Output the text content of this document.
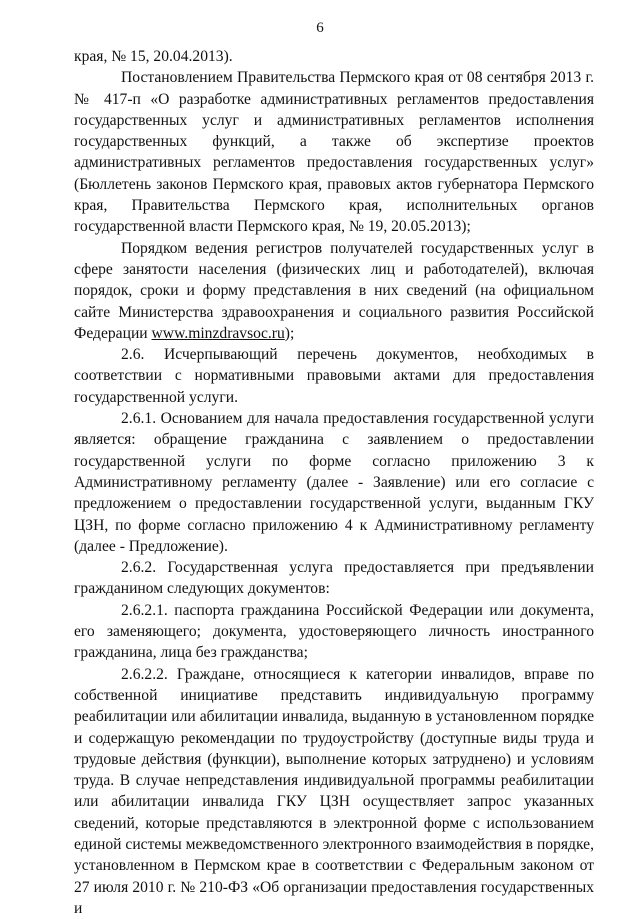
6

края, № 15, 20.04.2013).

Постановлением Правительства Пермского края от 08 сентября 2013 г. № 417-п «О разработке административных регламентов предоставления государственных услуг и административных регламентов исполнения государственных функций, а также об экспертизе проектов административных регламентов предоставления государственных услуг» (Бюллетень законов Пермского края, правовых актов губернатора Пермского края, Правительства Пермского края, исполнительных органов государственной власти Пермского края, № 19, 20.05.2013);

Порядком ведения регистров получателей государственных услуг в сфере занятости населения (физических лиц и работодателей), включая порядок, сроки и форму представления в них сведений (на официальном сайте Министерства здравоохранения и социального развития Российской Федерации www.minzdravsoc.ru);

2.6. Исчерпывающий перечень документов, необходимых в соответствии с нормативными правовыми актами для предоставления государственной услуги.

2.6.1. Основанием для начала предоставления государственной услуги является: обращение гражданина с заявлением о предоставлении государственной услуги по форме согласно приложению 3 к Административному регламенту (далее - Заявление) или его согласие с предложением о предоставлении государственной услуги, выданным ГКУ ЦЗН, по форме согласно приложению 4 к Административному регламенту (далее - Предложение).

2.6.2. Государственная услуга предоставляется при предъявлении гражданином следующих документов:

2.6.2.1. паспорта гражданина Российской Федерации или документа, его заменяющего; документа, удостоверяющего личность иностранного гражданина, лица без гражданства;

2.6.2.2. Граждане, относящиеся к категории инвалидов, вправе по собственной инициативе представить индивидуальную программу реабилитации или абилитации инвалида, выданную в установленном порядке и содержащую рекомендации по трудоустройству (доступные виды труда и трудовые действия (функции), выполнение которых затруднено) и условиям труда. В случае непредставления индивидуальной программы реабилитации или абилитации инвалида ГКУ ЦЗН осуществляет запрос указанных сведений, которые представляются в электронной форме с использованием единой системы межведомственного электронного взаимодействия в порядке, установленном в Пермском крае в соответствии с Федеральным законом от 27 июля 2010 г. № 210-ФЗ «Об организации предоставления государственных и
